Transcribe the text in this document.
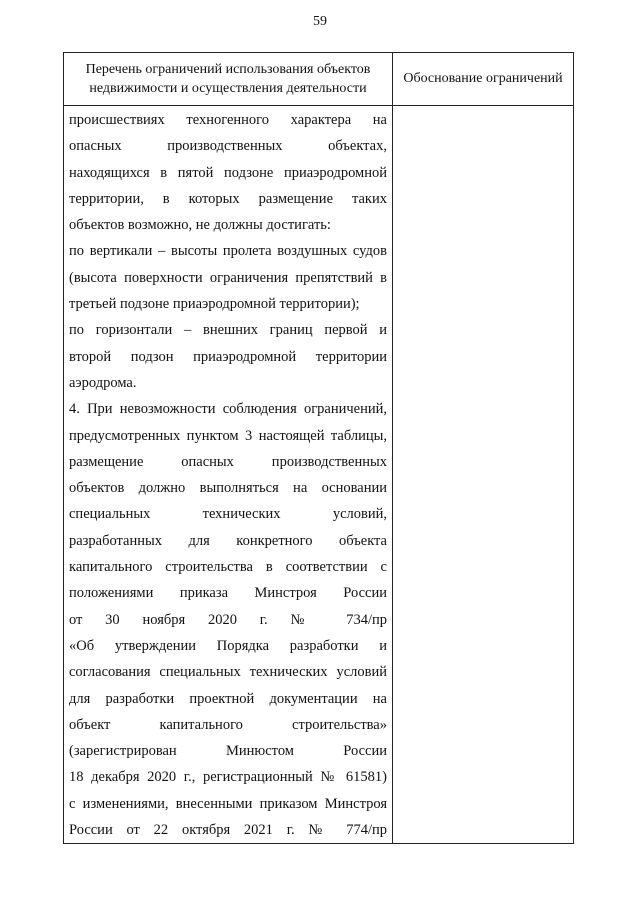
59
Перечень ограничений использования объектов
недвижимости и осуществления деятельности
происшествиях техногенного характера на
опасных производственных объектах,
находящихся в пятой подзоне приаэродромной
территории, в которых размещение таких
объектов возможно, не должны достигать:
по вертикали – высоты пролета воздушных судов
(высота поверхности ограничения препятствий в
третьей подзоне приаэродромной территории);
по горизонтали – внешних границ первой и
второй подзон приаэродромной территории
аэродрома.
4. При невозможности соблюдения ограничений,
предусмотренных пунктом 3 настоящей таблицы,
размещение опасных производственных
объектов должно выполняться на основании
специальных технических условий,
разработанных для конкретного объекта
капитального строительства в соответствии с
положениями приказа Минстроя России
от 30 ноября 2020 г. № 734/пр
«Об утверждении Порядка разработки и
согласования специальных технических условий
для разработки проектной документации на
объект капитального строительства»
(зарегистрирован Минюстом России
18 декабря 2020 г., регистрационный № 61581)
с изменениями, внесенными приказом Минстроя
России от 22 октября 2021 г. № 774/пр
Обоснование ограничений
